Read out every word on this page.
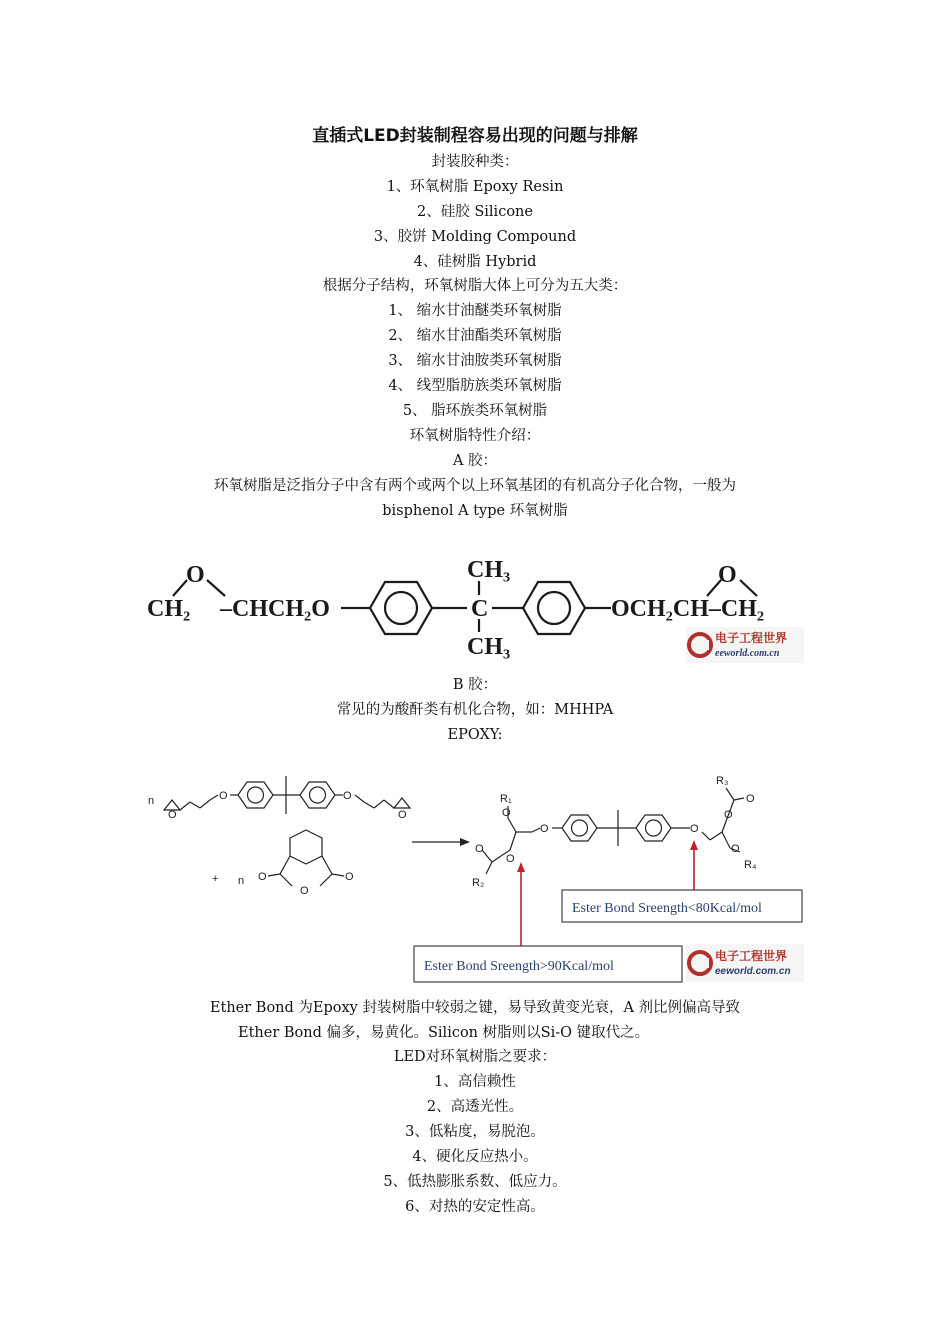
直插式LED封装制程容易出现的问题与排解
封装胶种类：
1、环氧树脂 Epoxy Resin
2、硅胶 Silicone
3、胶饼 Molding Compound
4、硅树脂 Hybrid
根据分子结构，环氧树脂大体上可分为五大类：
1、 缩水甘油醚类环氧树脂
2、 缩水甘油酯类环氧树脂
3、 缩水甘油胺类环氧树脂
4、 线型脂肪族类环氧树脂
5、 脂环族类环氧树脂
环氧树脂特性介绍：
A 胶：
环氧树脂是泛指分子中含有两个或两个以上环氧基团的有机高分子化合物，一般为
bisphenol A type 环氧树脂
O
CH₂ –CHCH₂O
CH₃
C
CH₃
OCH₂CH–CH₂
O
电子工程世界
eeworld.com.cn
B 胶：
常见的为酸酐类有机化合物，如：MHHPA
EPOXY:
n
+ n
O
O	O
O
O
O	O
R₁
R₂
R₃
R₄
O
O	O
O
O
O
O
O
Ester Bond Sreength<80Kcal/mol
Ester Bond Sreength>90Kcal/mol
电子工程世界
eeworld.com.cn
Ether Bond 为Epoxy 封装树脂中较弱之键，易导致黄变光衰，A 剂比例偏高导致
Ether Bond 偏多，易黄化。Silicon 树脂则以Si-O 键取代之。
LED对环氧树脂之要求：
1、高信赖性
2、高透光性。
3、低粘度，易脱泡。
4、硬化反应热小。
5、低热膨胀系数、低应力。
6、对热的安定性高。
